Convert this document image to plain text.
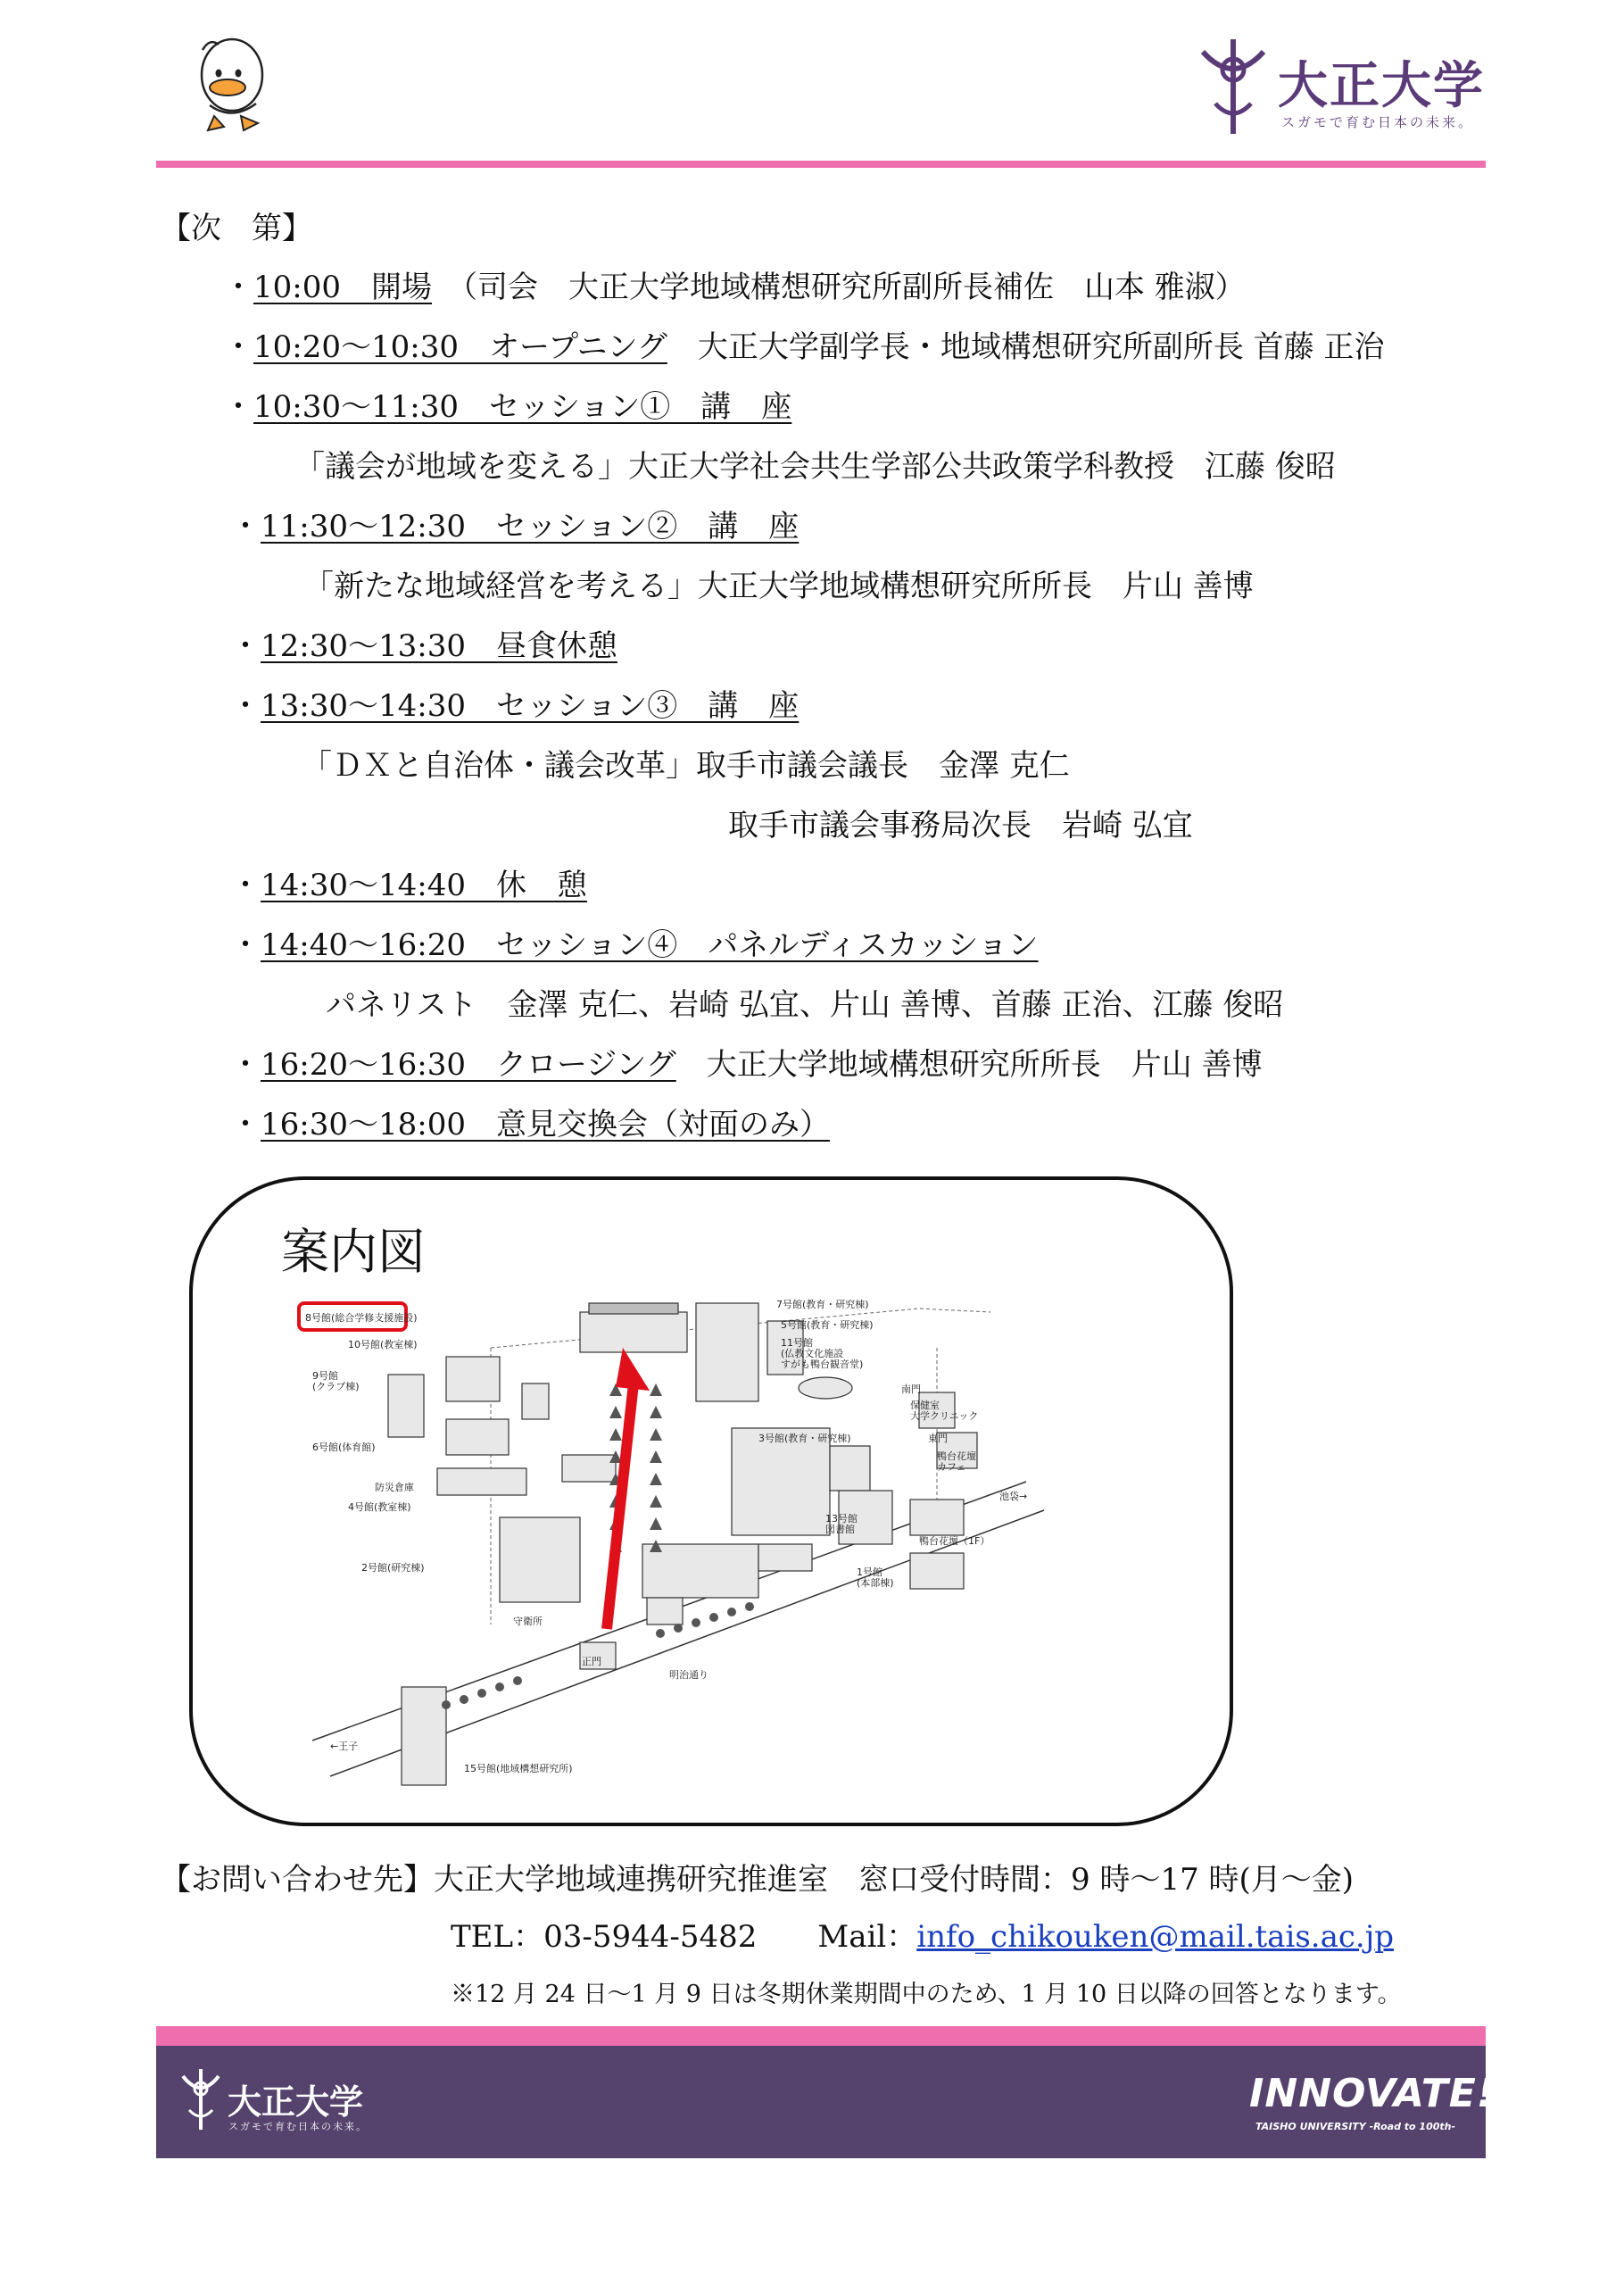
大正大学
スガモで育む日本の未来。
【次　第】
・10:00　開場　（司会　大正大学地域構想研究所副所長補佐　山本 雅淑）
・10:20〜10:30　オープニング　大正大学副学長・地域構想研究所副所長 首藤 正治
・10:30〜11:30　セッション①　講　座
「議会が地域を変える」大正大学社会共生学部公共政策学科教授　江藤 俊昭
・11:30〜12:30　セッション②　講　座
「新たな地域経営を考える」大正大学地域構想研究所所長　片山 善博
・12:30〜13:30　昼食休憩
・13:30〜14:30　セッション③　講　座
「ＤＸと自治体・議会改革」取手市議会議長　金澤 克仁
取手市議会事務局次長　岩崎 弘宜
・14:30〜14:40　休　憩
・14:40〜16:20　セッション④　パネルディスカッション
パネリスト　金澤 克仁、岩崎 弘宜、片山 善博、首藤 正治、江藤 俊昭
・16:20〜16:30　クロージング　大正大学地域構想研究所所長　片山 善博
・16:30〜18:00　意見交換会（対面のみ）
案内図
8号館(総合学修支援施設)
10号館(教室棟)
9号館(クラブ棟)
6号館(体育館)
防災倉庫
4号館(教室棟)
2号館(研究棟)
守衛所
正門
7号館(教育・研究棟)
5号館(教育・研究棟)
11号館(仏教文化施設すがも鴨台観音堂)
南門
保健室大学クリニック
3号館(教育・研究棟)	東門
鴨台花壇カフェ
13号館図書館
鴨台花壇（1F）
1号館(本部棟)
池袋→
明治通り
←王子
15号館(地域構想研究所)
【お問い合わせ先】大正大学地域連携研究推進室　窓口受付時間：9 時〜17 時(月〜金)
TEL：03-5944-5482　　 Mail：info_chikouken@mail.tais.ac.jp
※12 月 24 日〜1 月 9 日は冬期休業期間中のため、1 月 10 日以降の回答となります。
大正大学
スガモで育む日本の未来。
INNOVATE!
TAISHO UNIVERSITY -Road to 100th-
